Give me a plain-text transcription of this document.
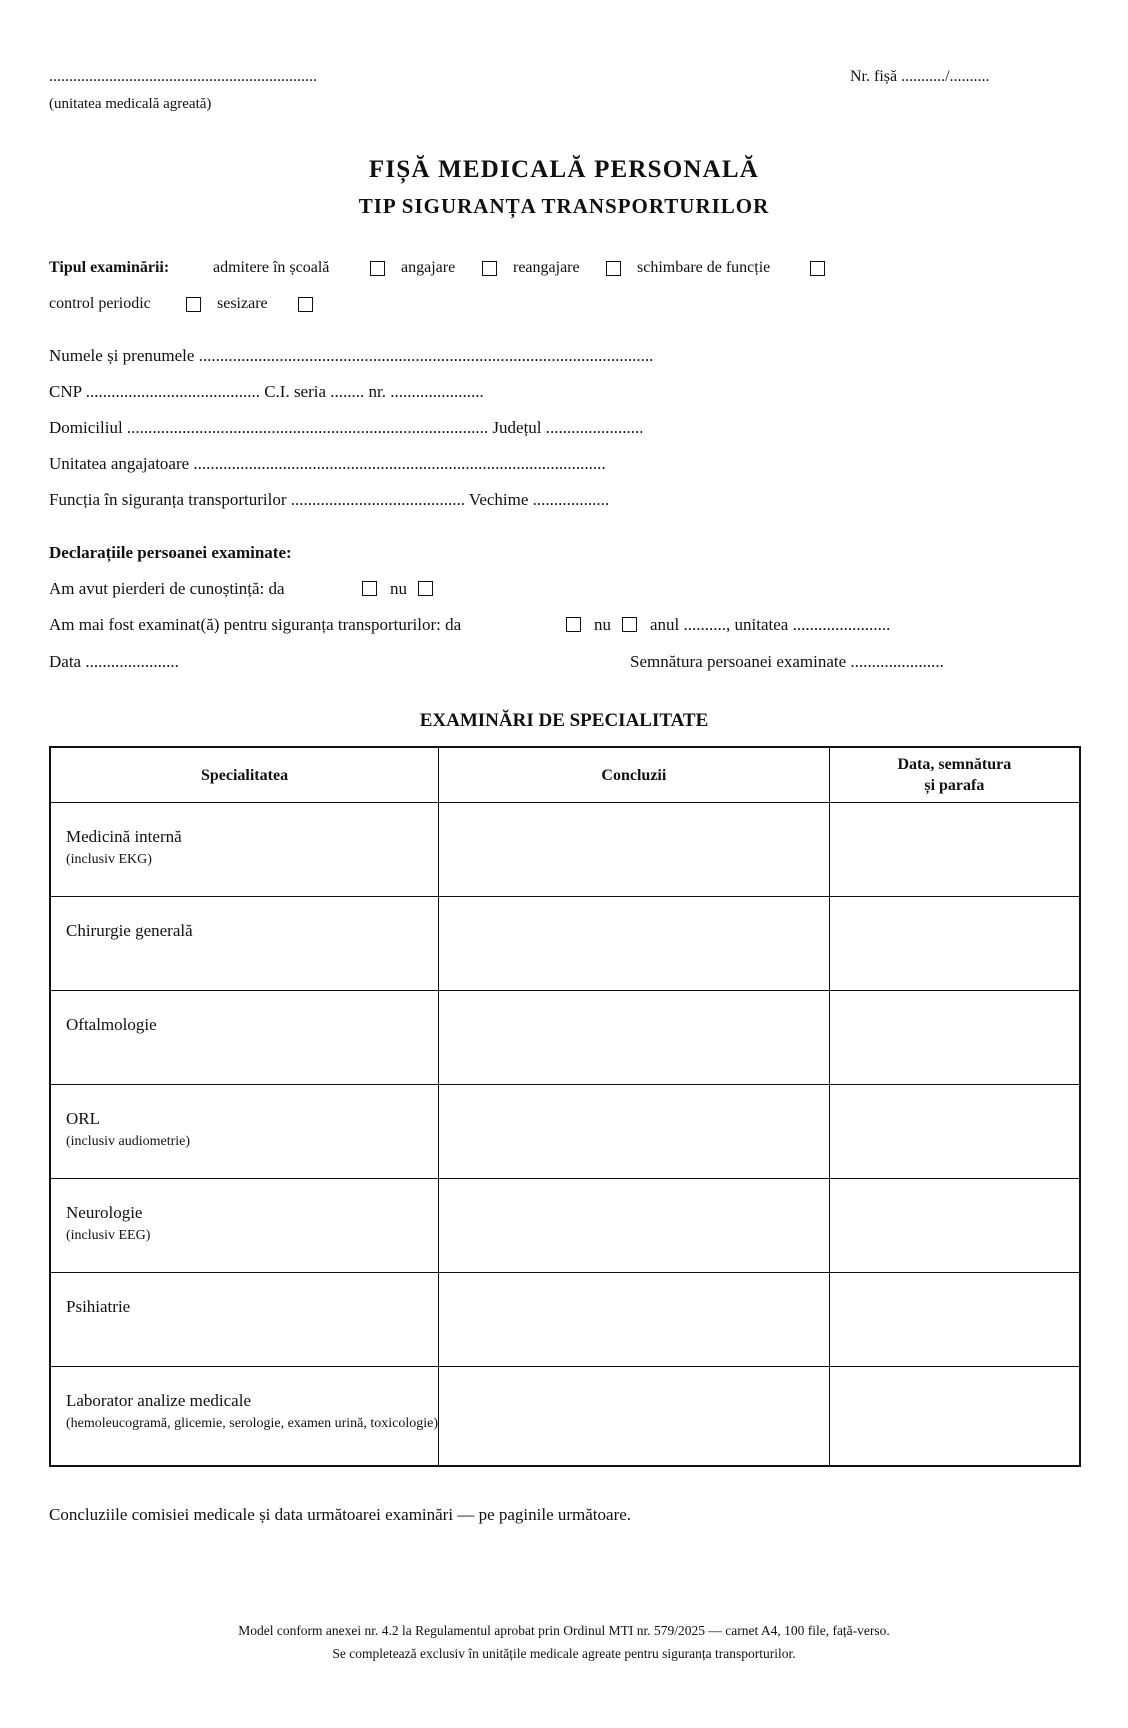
...................................................................
(unitatea medicală agreată)
Nr. fișă .........../..........
FIȘĂ MEDICALĂ PERSONALĂ
TIP SIGURANȚA TRANSPORTURILOR
Tipul examinării:	admitere în școală	angajare	reangajare	schimbare de funcție
control periodic	sesizare
Numele și prenumele ...........................................................................................................
CNP ......................................... C.I. seria ........ nr. ......................
Domiciliul ..................................................................................... Județul .......................
Unitatea angajatoare .................................................................................................
Funcția în siguranța transporturilor ......................................... Vechime ..................
Declarațiile persoanei examinate:
Am avut pierderi de cunoștință: da	nu
Am mai fost examinat(ă) pentru siguranța transporturilor: da	nu anul .........., unitatea .......................
Data ......................	Semnătura persoanei examinate ......................
EXAMINĂRI DE SPECIALITATE
Specialitatea	Concluzii	Data, semnătura
și parafa

Medicină internă
(inclusiv EKG)		

Chirurgie generală		

Oftalmologie		

ORL
(inclusiv audiometrie)		

Neurologie
(inclusiv EEG)		

Psihiatrie		

Laborator analize medicale
(hemoleucogramă, glicemie, serologie, examen urină, toxicologie)		

Concluziile comisiei medicale și data următoarei examinări — pe paginile următoare.
Model conform anexei nr. 4.2 la Regulamentul aprobat prin Ordinul MTI nr. 579/2025 — carnet A4, 100 file, față-verso.
Se completează exclusiv în unitățile medicale agreate pentru siguranța transporturilor.
